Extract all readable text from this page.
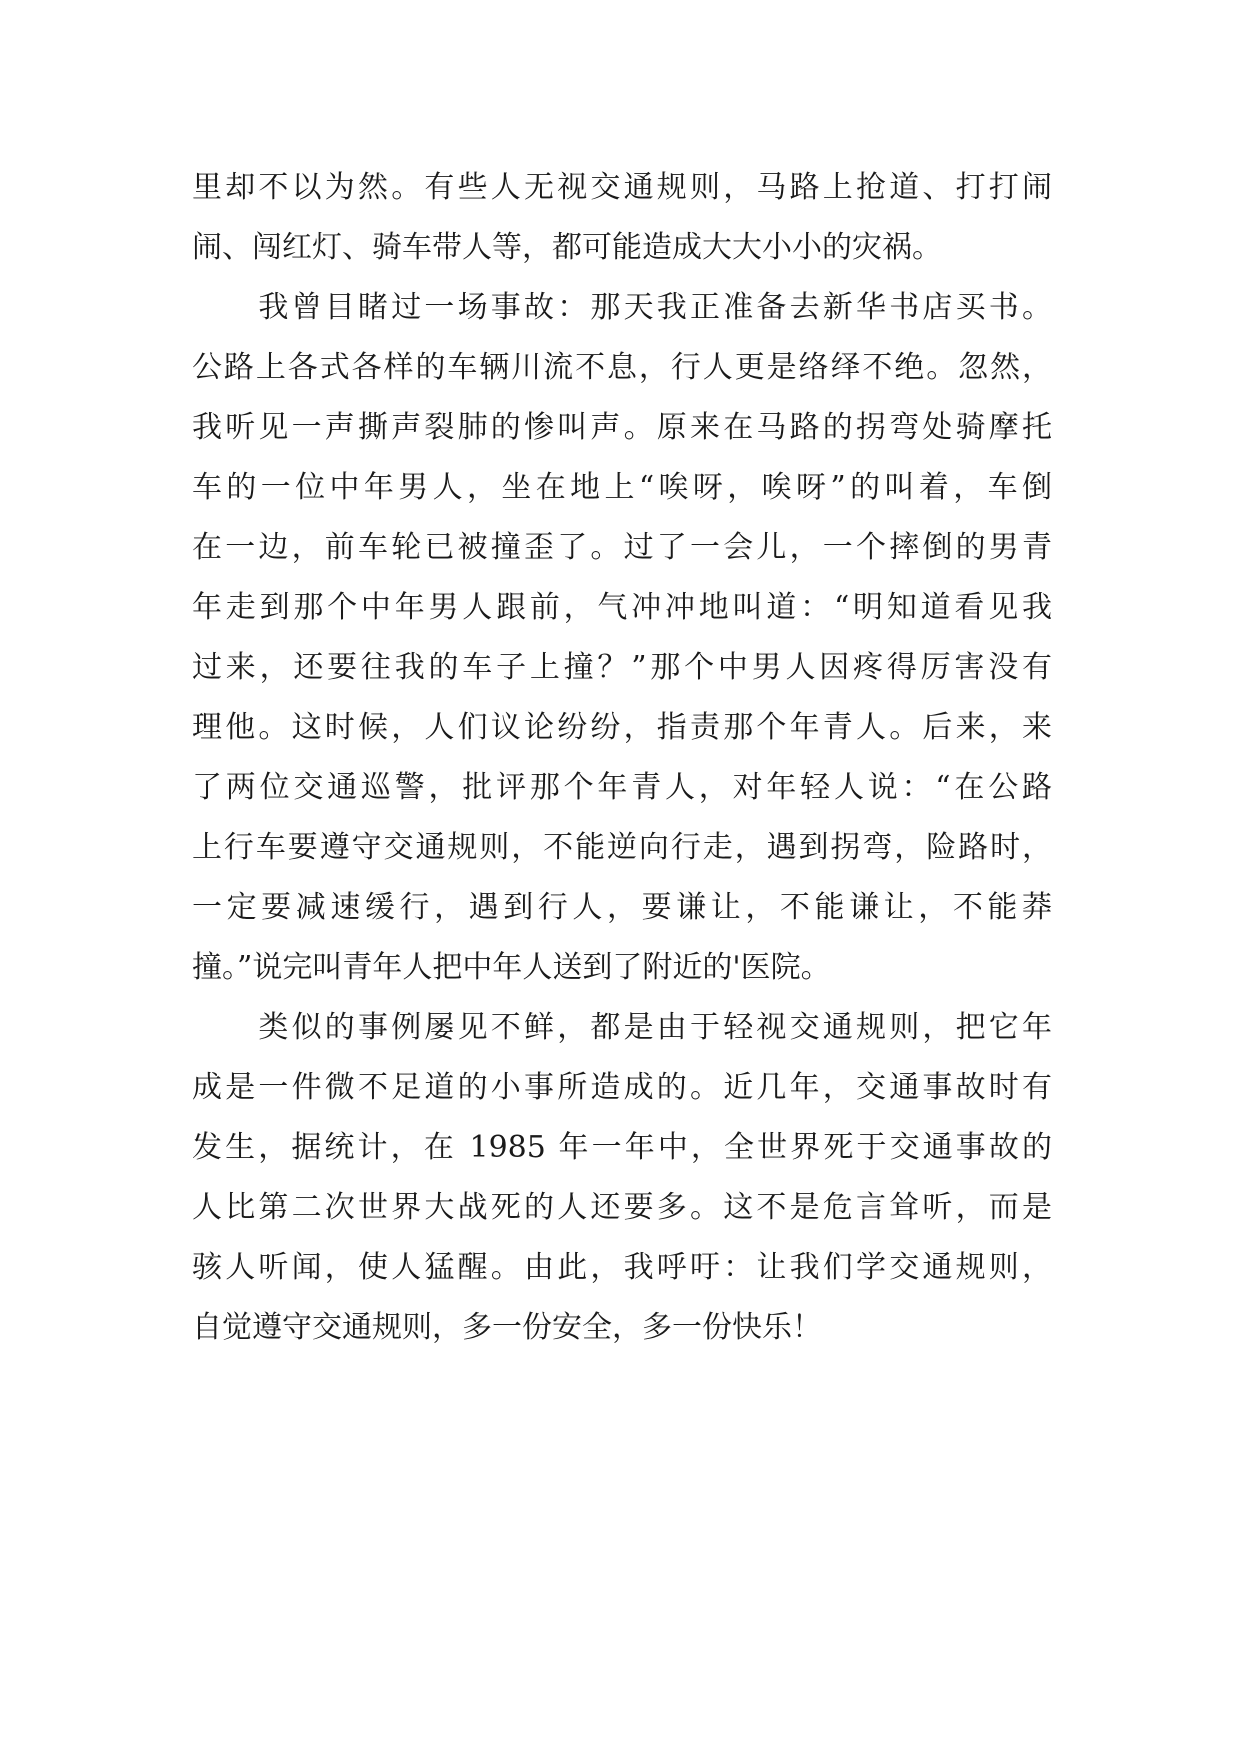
里却不以为然。有些人无视交通规则，马路上抢道、打打闹
闹、闯红灯、骑车带人等，都可能造成大大小小的灾祸。
　　我曾目睹过一场事故：那天我正准备去新华书店买书。
公路上各式各样的车辆川流不息，行人更是络绎不绝。忽然，
我听见一声撕声裂肺的惨叫声。原来在马路的拐弯处骑摩托
车的一位中年男人，坐在地上“唉呀，唉呀”的叫着，车倒
在一边，前车轮已被撞歪了。过了一会儿，一个摔倒的男青
年走到那个中年男人跟前，气冲冲地叫道：“明知道看见我
过来，还要往我的车子上撞？”那个中男人因疼得厉害没有
理他。这时候，人们议论纷纷，指责那个年青人。后来，来
了两位交通巡警，批评那个年青人，对年轻人说：“在公路
上行车要遵守交通规则，不能逆向行走，遇到拐弯，险路时，
一定要减速缓行，遇到行人，要谦让，不能谦让，不能莽
撞。”说完叫青年人把中年人送到了附近的'医院。
　　类似的事例屡见不鲜，都是由于轻视交通规则，把它年
成是一件微不足道的小事所造成的。近几年，交通事故时有
发生，据统计，在 1985 年一年中，全世界死于交通事故的
人比第二次世界大战死的人还要多。这不是危言耸听，而是
骇人听闻，使人猛醒。由此，我呼吁：让我们学交通规则，
自觉遵守交通规则，多一份安全，多一份快乐！
